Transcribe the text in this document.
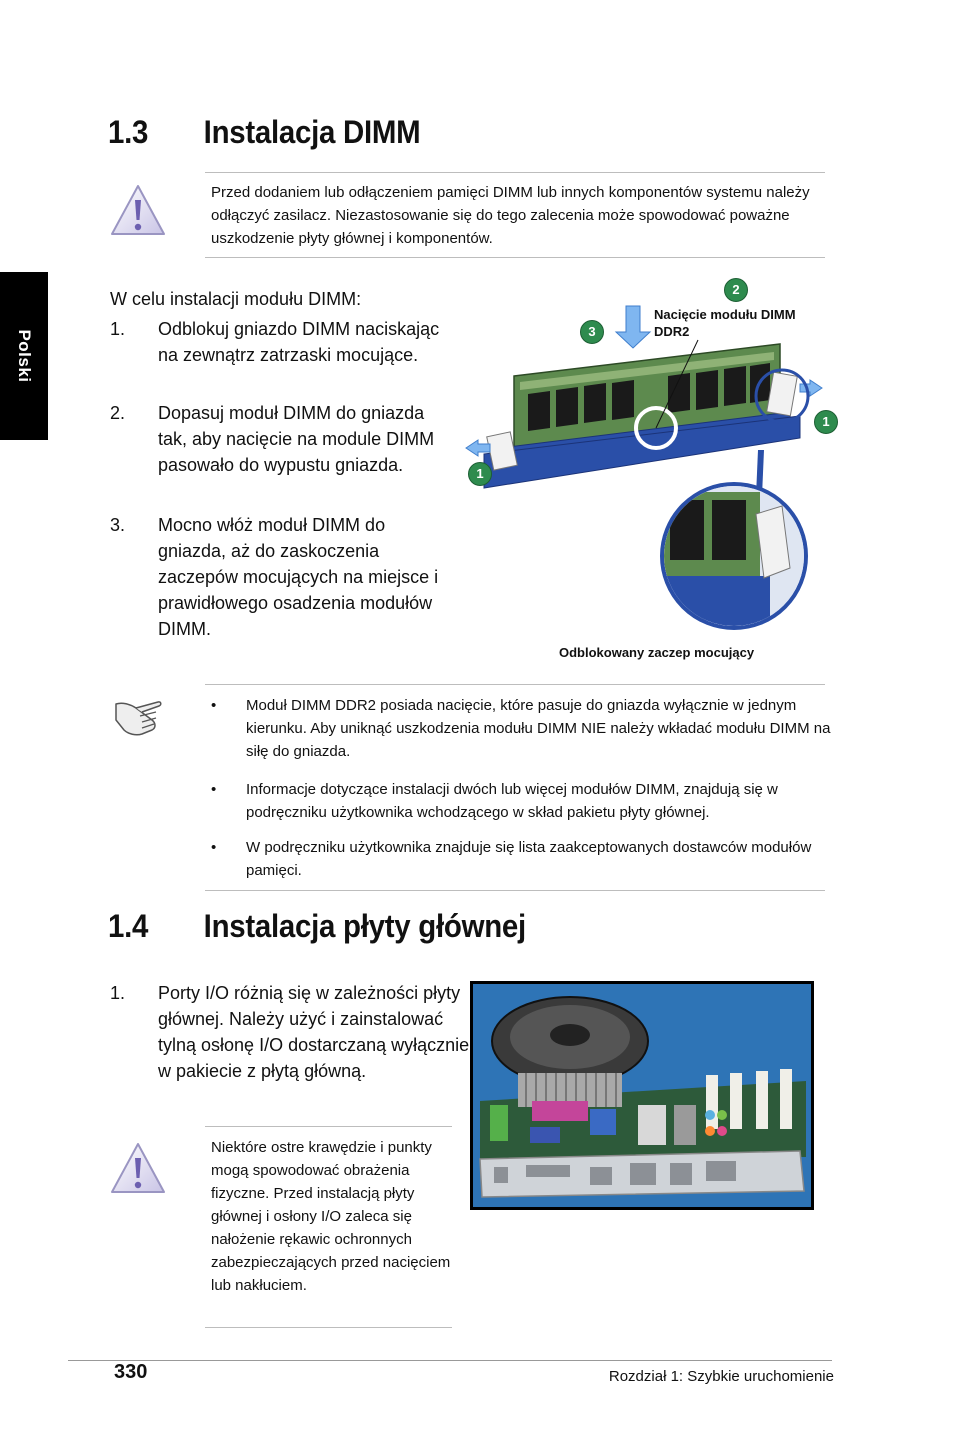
Polski
1.3 Instalacja DIMM
Przed dodaniem lub odłączeniem pamięci DIMM lub innych komponentów systemu należy odłączyć zasilacz. Niezastosowanie się do tego zalecenia może spowodować poważne uszkodzenie płyty głównej i komponentów.
W celu instalacji modułu DIMM:
1. Odblokuj gniazdo DIMM naciskając na zewnątrz zatrzaski mocujące.
2. Dopasuj moduł DIMM do gniazda tak, aby nacięcie na module DIMM pasowało do wypustu gniazda.
3. Mocno włóż moduł DIMM do gniazda, aż do zaskoczenia zaczepów mocujących na miejsce i prawidłowego osadzenia modułów DIMM.
2
3
1
1
Nacięcie modułu DIMM DDR2
Odblokowany zaczep mocujący
• Moduł DIMM DDR2 posiada nacięcie, które pasuje do gniazda wyłącznie w jednym kierunku. Aby uniknąć uszkodzenia modułu DIMM NIE należy wkładać modułu DIMM na siłę do gniazda.
• Informacje dotyczące instalacji dwóch lub więcej modułów DIMM, znajdują się w podręczniku użytkownika wchodzącego w skład pakietu płyty głównej.
• W podręczniku użytkownika znajduje się lista zaakceptowanych dostawców modułów pamięci.
1.4 Instalacja płyty głównej
1. Porty I/O różnią się w zależności płyty głównej. Należy użyć i zainstalować tylną osłonę I/O dostarczaną wyłącznie w pakiecie z płytą główną.
Niektóre ostre krawędzie i punkty mogą spowodować obrażenia fizyczne. Przed instalacją płyty głównej i osłony I/O zaleca się nałożenie rękawic ochronnych zabezpieczających przed nacięciem lub nakłuciem.
330	Rozdział 1: Szybkie uruchomienie
